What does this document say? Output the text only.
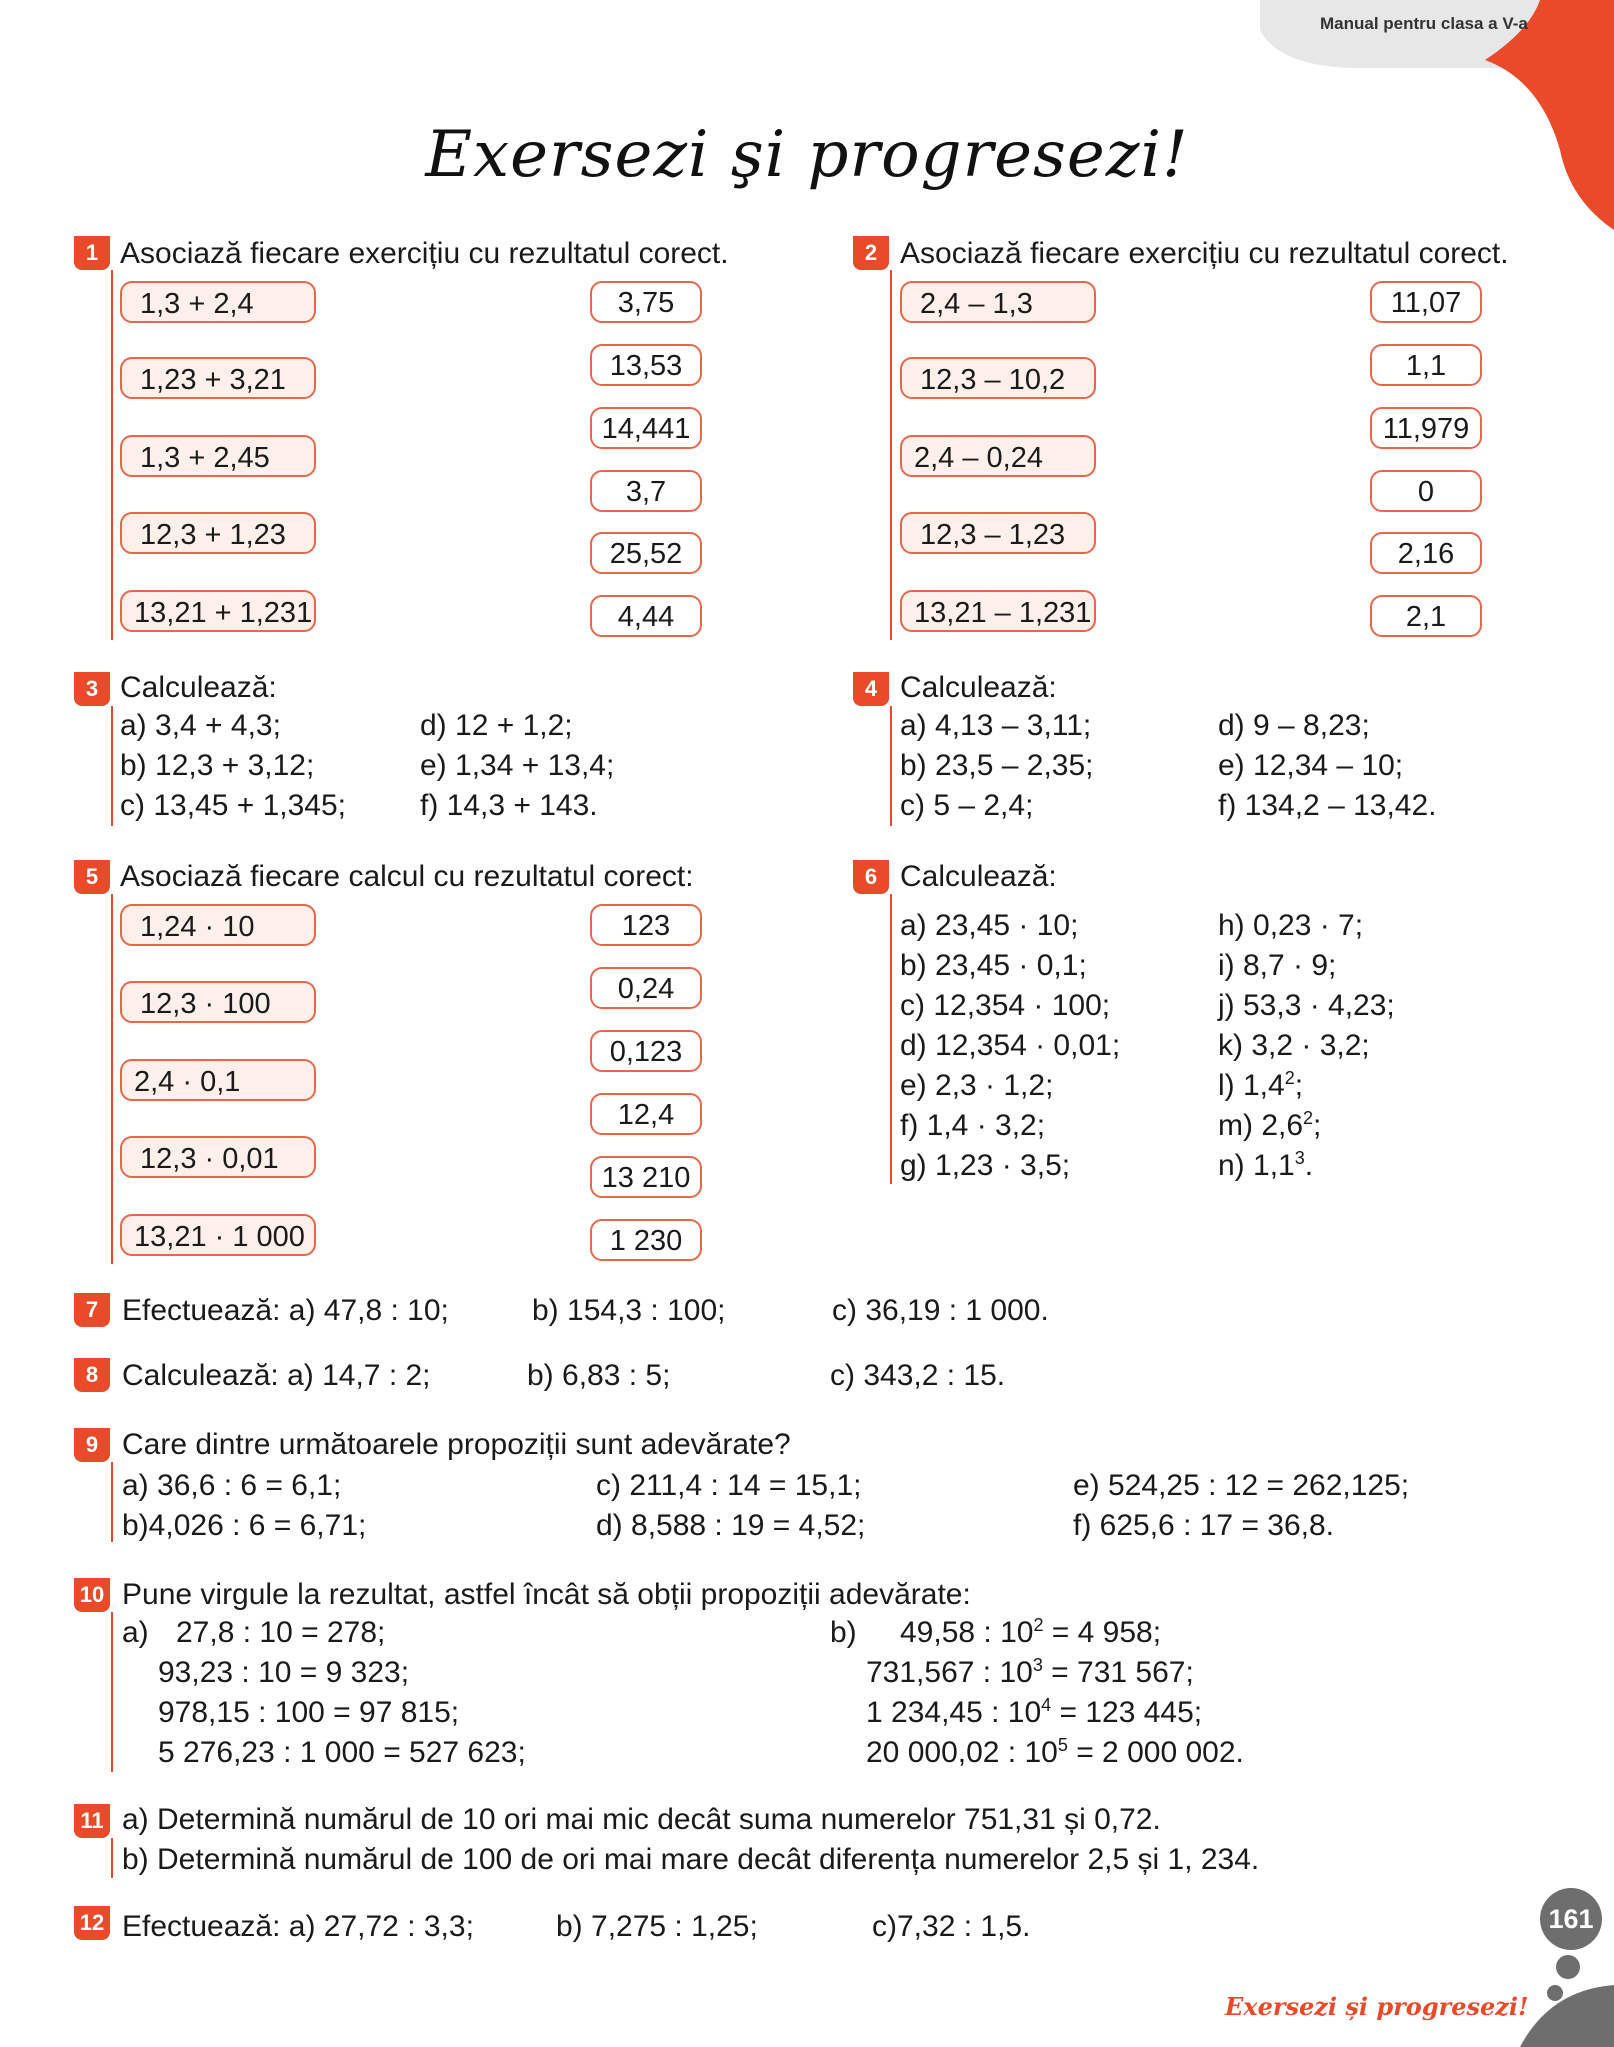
Manual pentru clasa a V-a 11
Exersezi şi progresezi!
1 Asociază fiecare exercițiu cu rezultatul corect.
1,3 + 2,4
1,23 + 3,21
1,3 + 2,45
12,3 + 1,23
13,21 + 1,231
3,75
13,53
14,441
3,7
25,52
4,44
2 Asociază fiecare exercițiu cu rezultatul corect.
2,4 – 1,3
12,3 – 10,2
2,4 – 0,24
12,3 – 1,23
13,21 – 1,231
11,07
1,1
11,979
0
2,16
2,1
3 Calculează:
a) 3,4 + 4,3;
b) 12,3 + 3,12;
c) 13,45 + 1,345;
d) 12 + 1,2;
e) 1,34 + 13,4;
f) 14,3 + 143.
4 Calculează:
a) 4,13 – 3,11;
b) 23,5 – 2,35;
c) 5 – 2,4;
d) 9 – 8,23;
e) 12,34 – 10;
f) 134,2 – 13,42.
5 Asociază fiecare calcul cu rezultatul corect:
1,24 · 10
12,3 · 100
2,4 · 0,1
12,3 · 0,01
13,21 · 1 000
123
0,24
0,123
12,4
13 210
1 230
6 Calculează:
a) 23,45 · 10;
b) 23,45 · 0,1;
c) 12,354 · 100;
d) 12,354 · 0,01;
e) 2,3 · 1,2;
f) 1,4 · 3,2;
g) 1,23 · 3,5;
h) 0,23 · 7;
i) 8,7 · 9;
j) 53,3 · 4,23;
k) 3,2 · 3,2;
l) $1,4^2$;
m) $2,6^2$;
n) $1,1^3$.
7 Efectuează: a) 47,8 : 10;	b) 154,3 : 100;	c) 36,19 : 1 000.
8 Calculează: a) 14,7 : 2;	b) 6,83 : 5;	c) 343,2 : 15.
9 Care dintre următoarele propoziții sunt adevărate?
a) 36,6 : 6 = 6,1;
b)4,026 : 6 = 6,71;
c) 211,4 : 14 = 15,1;
d) 8,588 : 19 = 4,52;
e) 524,25 : 12 = 262,125;
f) 625,6 : 17 = 36,8.
10 Pune virgule la rezultat, astfel încât să obții propoziții adevărate:
a) 27,8 : 10 = 278;
93,23 : 10 = 9 323;
978,15 : 100 = 97 815;
5 276,23 : 1 000 = 527 623;
b) 49,58 : $10^2 = 4$ 958;
731,567 : $10^3 = 731$ 567;
1 234,45 : $10^4 = 123$ 445;
20 000,02 : $10^5 = 2$ 000 002.
11 a) Determină numărul de 10 ori mai mic decât suma numerelor 751,31 și 0,72.
b) Determină numărul de 100 de ori mai mare decât diferența numerelor 2,5 și 1, 234.
12 Efectuează: a) 27,72 : 3,3;	b) 7,275 : 1,25;	c)7,32 : 1,5.	161
Exersezi și progresezi!
